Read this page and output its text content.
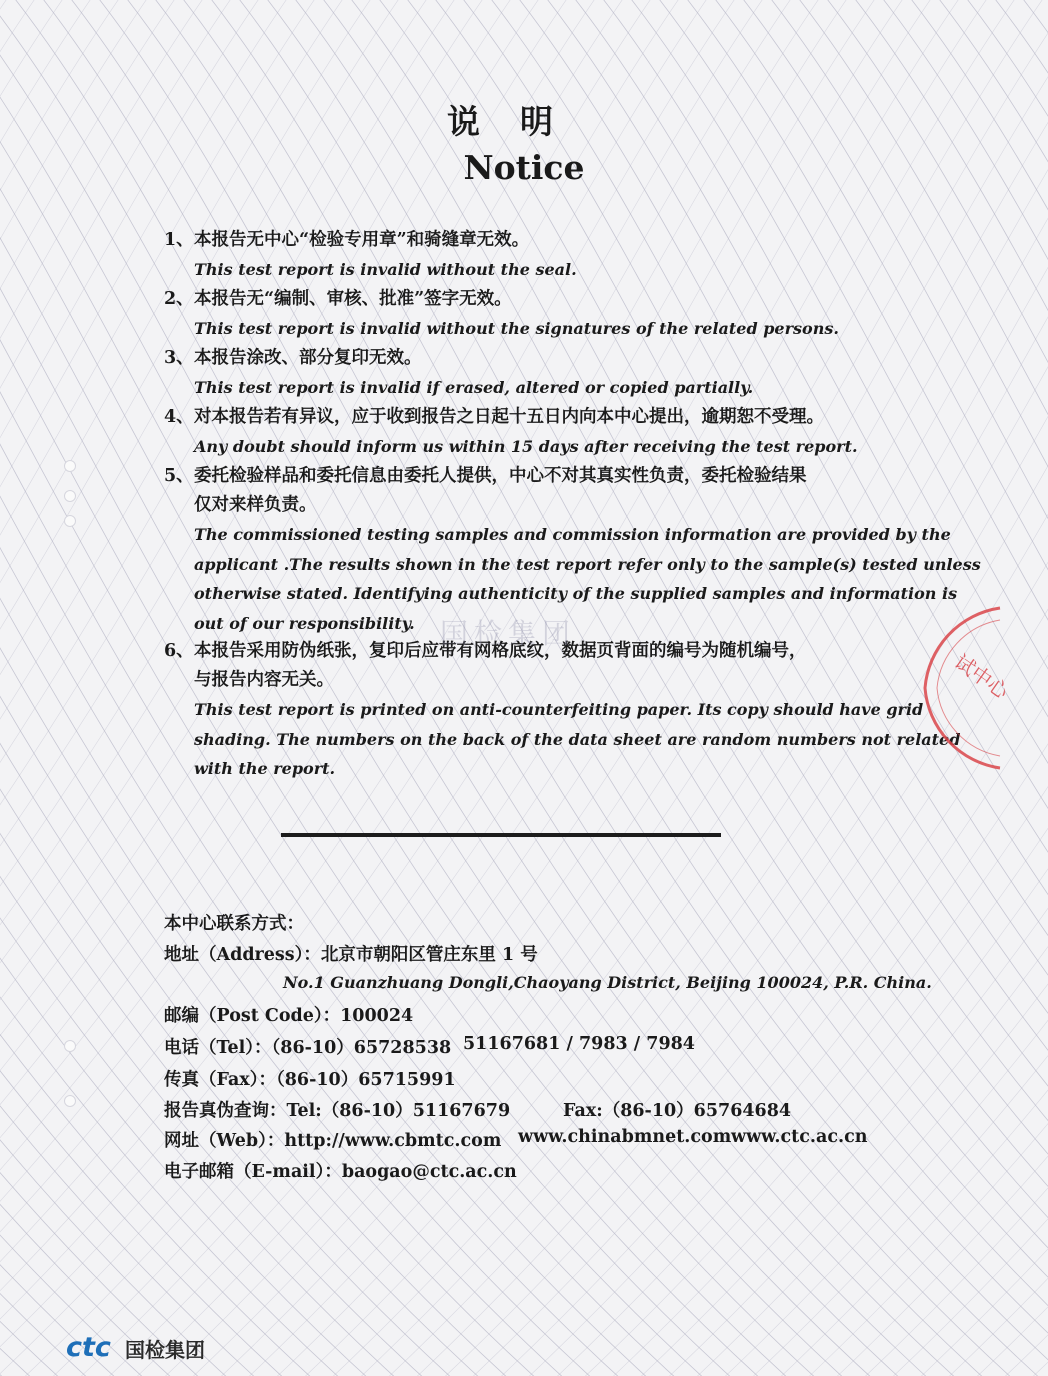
说明
Notice
1、本报告无中心“检验专用章”和骑缝章无效。
This test report is invalid without the seal.
2、本报告无“编制、审核、批准”签字无效。
This test report is invalid without the signatures of the related persons.
3、本报告涂改、部分复印无效。
This test report is invalid if erased, altered or copied partially.
4、对本报告若有异议，应于收到报告之日起十五日内向本中心提出，逾期恕不受理。
Any doubt should inform us within 15 days after receiving the test report.
5、委托检验样品和委托信息由委托人提供，中心不对其真实性负责，委托检验结果
仅对来样负责。
The commissioned testing samples and commission information are provided by the
applicant .The results shown in the test report refer only to the sample(s) tested unless
otherwise stated. Identifying authenticity of the supplied samples and information is
out of our responsibility.
6、本报告采用防伪纸张，复印后应带有网格底纹，数据页背面的编号为随机编号，
与报告内容无关。
This test report is printed on anti-counterfeiting paper. Its copy should have grid
shading. The numbers on the back of the data sheet are random numbers not related
with the report.
国检集团
试中心
本中心联系方式：
地址（Address）：北京市朝阳区管庄东里 1 号
No.1 Guanzhuang Dongli,Chaoyang District, Beijing 100024, P.R. China.
邮编（Post Code）：100024
电话（Tel）：（86-10）65728538 51167681 / 7983 / 7984
传真（Fax）：（86-10）65715991
报告真伪查询：Tel:（86-10）51167679	Fax:（86-10）65764684
网址（Web）：http://www.cbmtc.com www.chinabmnet.com www.ctc.ac.cn
电子邮箱（E-mail）：baogao@ctc.ac.cn
ctc 国检集团
